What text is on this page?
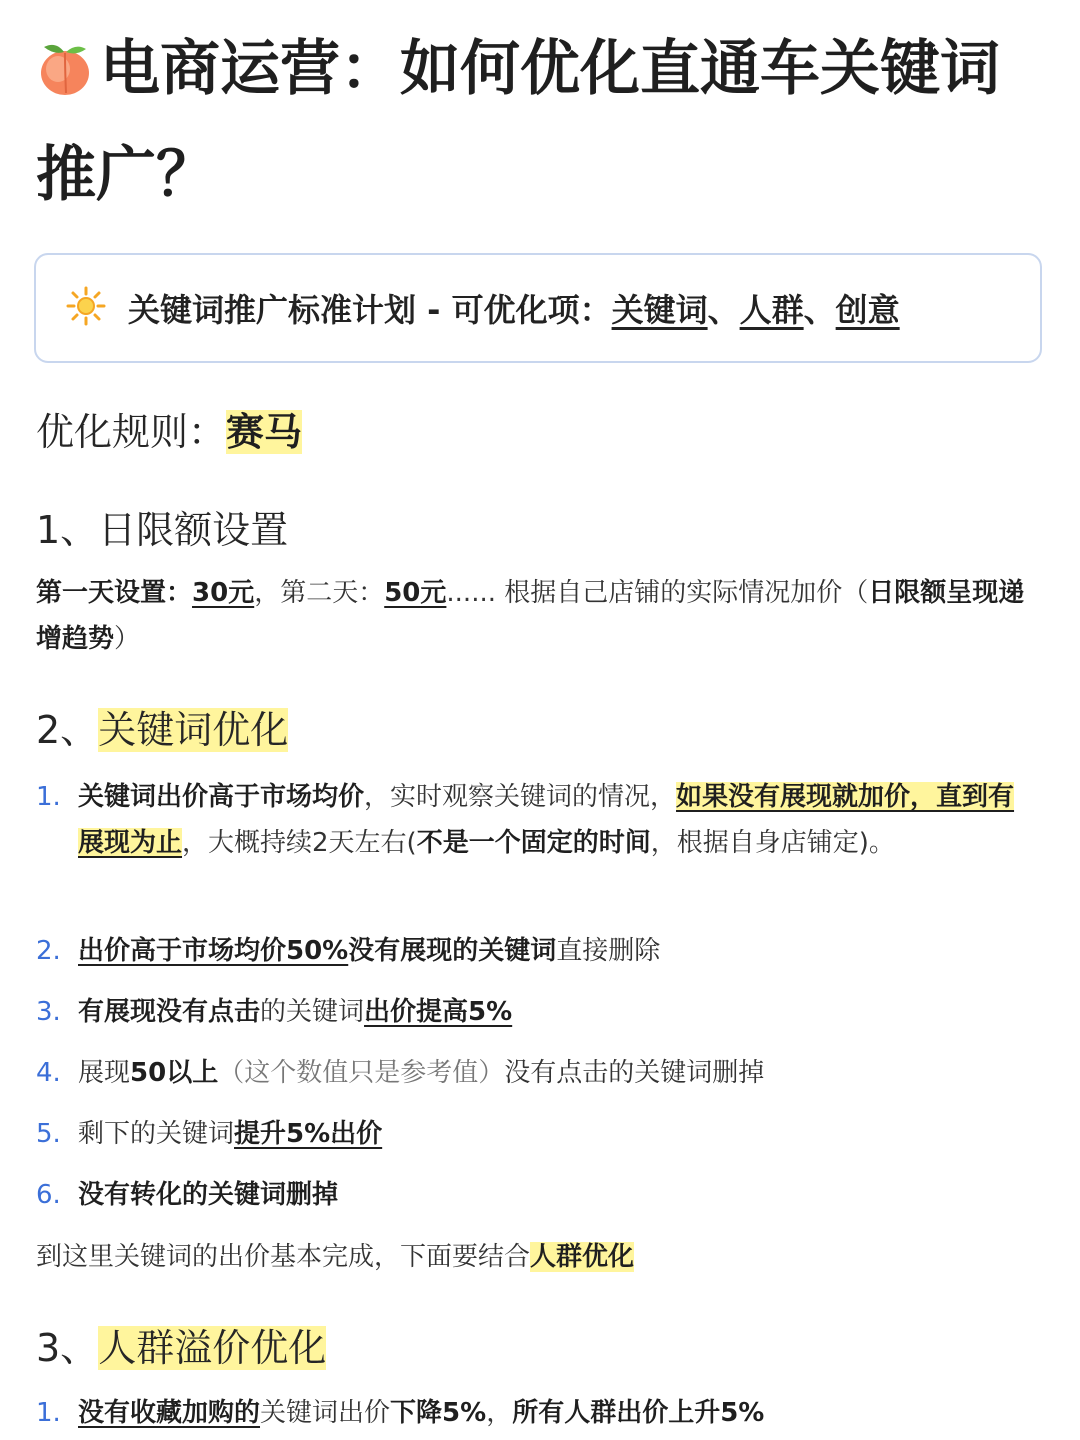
电商运营：如何优化直通车关键词推广？
关键词推广标准计划 - 可优化项：关键词、人群、创意
优化规则：赛马
1、日限额设置

第一天设置：30元，第二天：50元...... 根据自己店铺的实际情况加价（日限额呈现递增趋势）

2、关键词优化
1. 关键词出价高于市场均价，实时观察关键词的情况，如果没有展现就加价，直到有展现为止，大概持续2天左右(不是一个固定的时间，根据自身店铺定)。
2. 出价高于市场均价50%没有展现的关键词直接删除
3. 有展现没有点击的关键词出价提高5%
4. 展现50以上（这个数值只是参考值）没有点击的关键词删掉
5. 剩下的关键词提升5%出价
6. 没有转化的关键词删掉

到这里关键词的出价基本完成，下面要结合人群优化

3、人群溢价优化
1. 没有收藏加购的关键词出价下降5%，所有人群出价上升5%
